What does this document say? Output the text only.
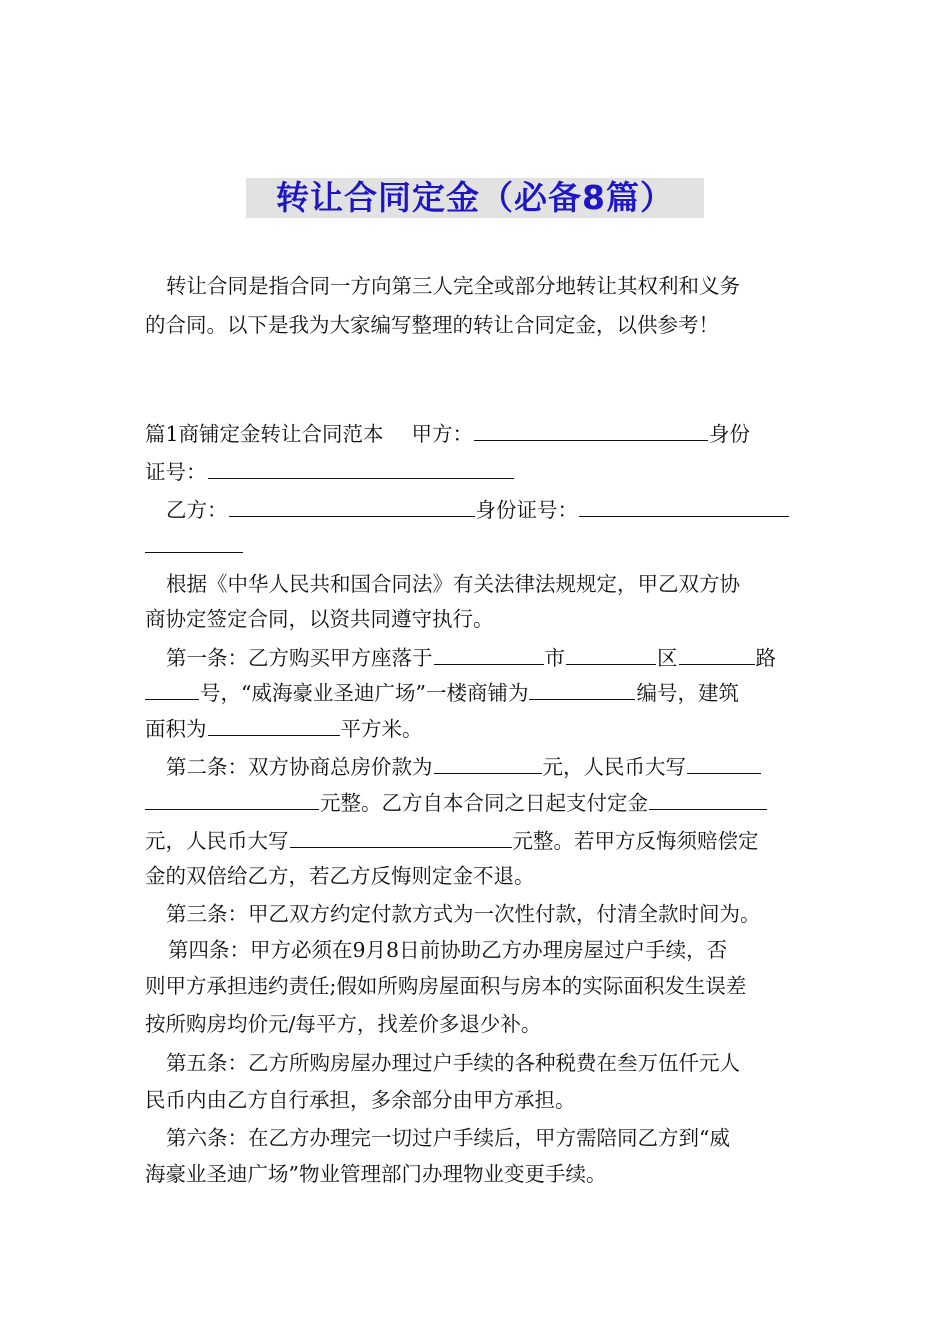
转让合同定金（必备8篇）
转让合同是指合同一方向第三人完全或部分地转让其权利和义务
的合同。以下是我为大家编写整理的转让合同定金，以供参考！
篇1商铺定金转让合同范本 甲方：	身份
证号：
乙方：	身份证号：
根据《中华人民共和国合同法》有关法律法规规定，甲乙双方协
商协定签定合同，以资共同遵守执行。
第一条：乙方购买甲方座落于	市	区	路
号，“威海豪业圣迪广场”一楼商铺为	编号，建筑
面积为	平方米。
第二条：双方协商总房价款为	元，人民币大写
元整。乙方自本合同之日起支付定金
元，人民币大写	元整。若甲方反悔须赔偿定
金的双倍给乙方，若乙方反悔则定金不退。
第三条：甲乙双方约定付款方式为一次性付款，付清全款时间为。
第四条：甲方必须在9月8日前协助乙方办理房屋过户手续，否
则甲方承担违约责任;假如所购房屋面积与房本的实际面积发生误差
按所购房均价元/每平方，找差价多退少补。
第五条：乙方所购房屋办理过户手续的各种税费在叁万伍仟元人
民币内由乙方自行承担，多余部分由甲方承担。
第六条：在乙方办理完一切过户手续后，甲方需陪同乙方到“威
海豪业圣迪广场”物业管理部门办理物业变更手续。
